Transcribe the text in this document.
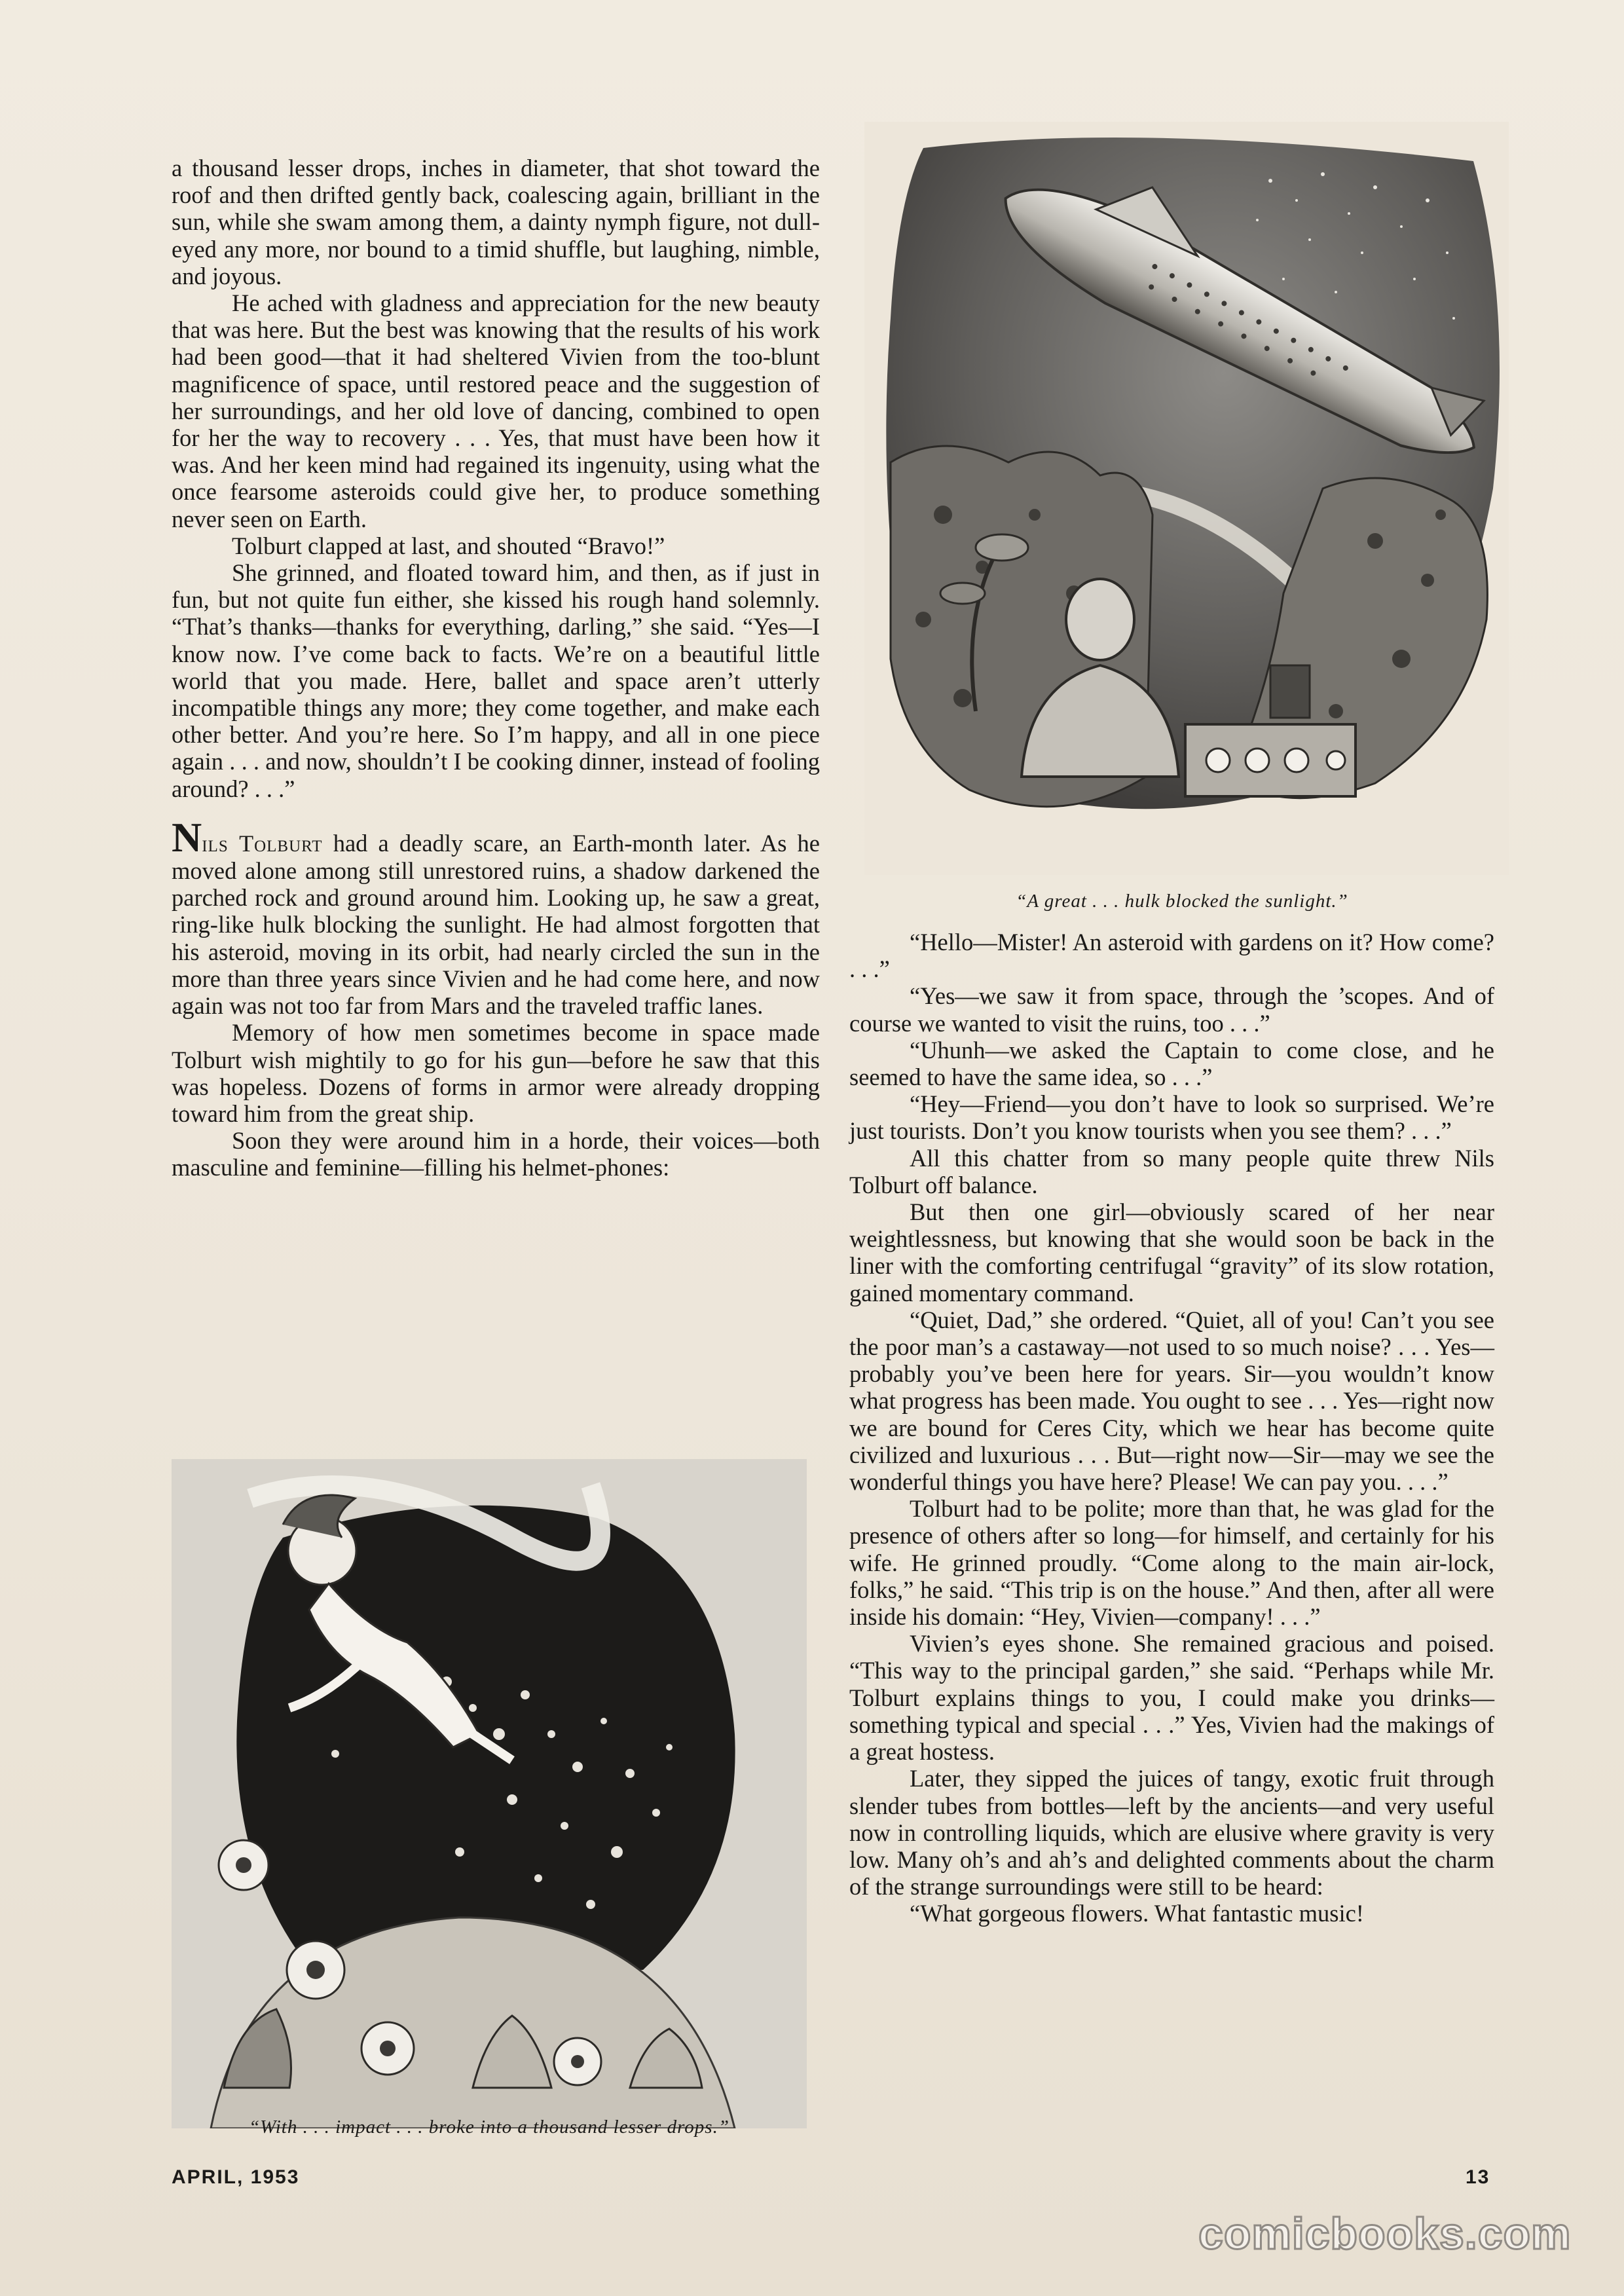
a thousand lesser drops, inches in diameter, that shot toward the roof and then drifted gently back, coalescing again, brilliant in the sun, while she swam among them, a dainty nymph figure, not dull-eyed any more, nor bound to a timid shuffle, but laughing, nimble, and joyous.

He ached with gladness and appreciation for the new beauty that was here. But the best was knowing that the results of his work had been good—that it had sheltered Vivien from the too-blunt magnificence of space, until restored peace and the suggestion of her surroundings, and her old love of dancing, combined to open for her the way to recovery . . . Yes, that must have been how it was. And her keen mind had regained its ingenuity, using what the once fearsome asteroids could give her, to produce something never seen on Earth.

Tolburt clapped at last, and shouted “Bravo!”

She grinned, and floated toward him, and then, as if just in fun, but not quite fun either, she kissed his rough hand solemnly. “That’s thanks—thanks for everything, darling,” she said. “Yes—I know now. I’ve come back to facts. We’re on a beautiful little world that you made. Here, ballet and space aren’t utterly incompatible things any more; they come together, and make each other better. And you’re here. So I’m happy, and all in one piece again . . . and now, shouldn’t I be cooking dinner, instead of fooling around? . . .”

Nils Tolburt had a deadly scare, an Earth-month later. As he moved alone among still unrestored ruins, a shadow darkened the parched rock and ground around him. Looking up, he saw a great, ring-like hulk blocking the sunlight. He had almost forgotten that his asteroid, moving in its orbit, had nearly circled the sun in the more than three years since Vivien and he had come here, and now again was not too far from Mars and the traveled traffic lanes.

Memory of how men sometimes become in space made Tolburt wish mightily to go for his gun—before he saw that this was hopeless. Dozens of forms in armor were already dropping toward him from the great ship.

Soon they were around him in a horde, their voices—both masculine and feminine—filling his helmet-phones:

“A great . . . hulk blocked the sunlight.”
“With . . . impact . . . broke into a thousand lesser drops.”

“Hello—Mister! An asteroid with gardens on it? How come? . . .”

“Yes—we saw it from space, through the ’scopes. And of course we wanted to visit the ruins, too . . .”

“Uhunh—we asked the Captain to come close, and he seemed to have the same idea, so . . .”

“Hey—Friend—you don’t have to look so surprised. We’re just tourists. Don’t you know tourists when you see them? . . .”

All this chatter from so many people quite threw Nils Tolburt off balance.

But then one girl—obviously scared of her near weightlessness, but knowing that she would soon be back in the liner with the comforting centrifugal “gravity” of its slow rotation, gained momentary command.

“Quiet, Dad,” she ordered. “Quiet, all of you! Can’t you see the poor man’s a castaway—not used to so much noise? . . . Yes—probably you’ve been here for years. Sir—you wouldn’t know what progress has been made. You ought to see . . . Yes—right now we are bound for Ceres City, which we hear has become quite civilized and luxurious . . . But—right now—Sir—may we see the wonderful things you have here? Please! We can pay you. . . .”

Tolburt had to be polite; more than that, he was glad for the presence of others after so long—for himself, and certainly for his wife. He grinned proudly. “Come along to the main air-lock, folks,” he said. “This trip is on the house.” And then, after all were inside his domain: “Hey, Vivien—company! . . .”

Vivien’s eyes shone. She remained gracious and poised. “This way to the principal garden,” she said. “Perhaps while Mr. Tolburt explains things to you, I could make you drinks—something typical and special . . .” Yes, Vivien had the makings of a great hostess.

Later, they sipped the juices of tangy, exotic fruit through slender tubes from bottles—left by the ancients—and very useful now in controlling liquids, which are elusive where gravity is very low. Many oh’s and ah’s and delighted comments about the charm of the strange surroundings were still to be heard:

“What gorgeous flowers. What fantastic music!

APRIL, 1953	13
comicbooks.com
